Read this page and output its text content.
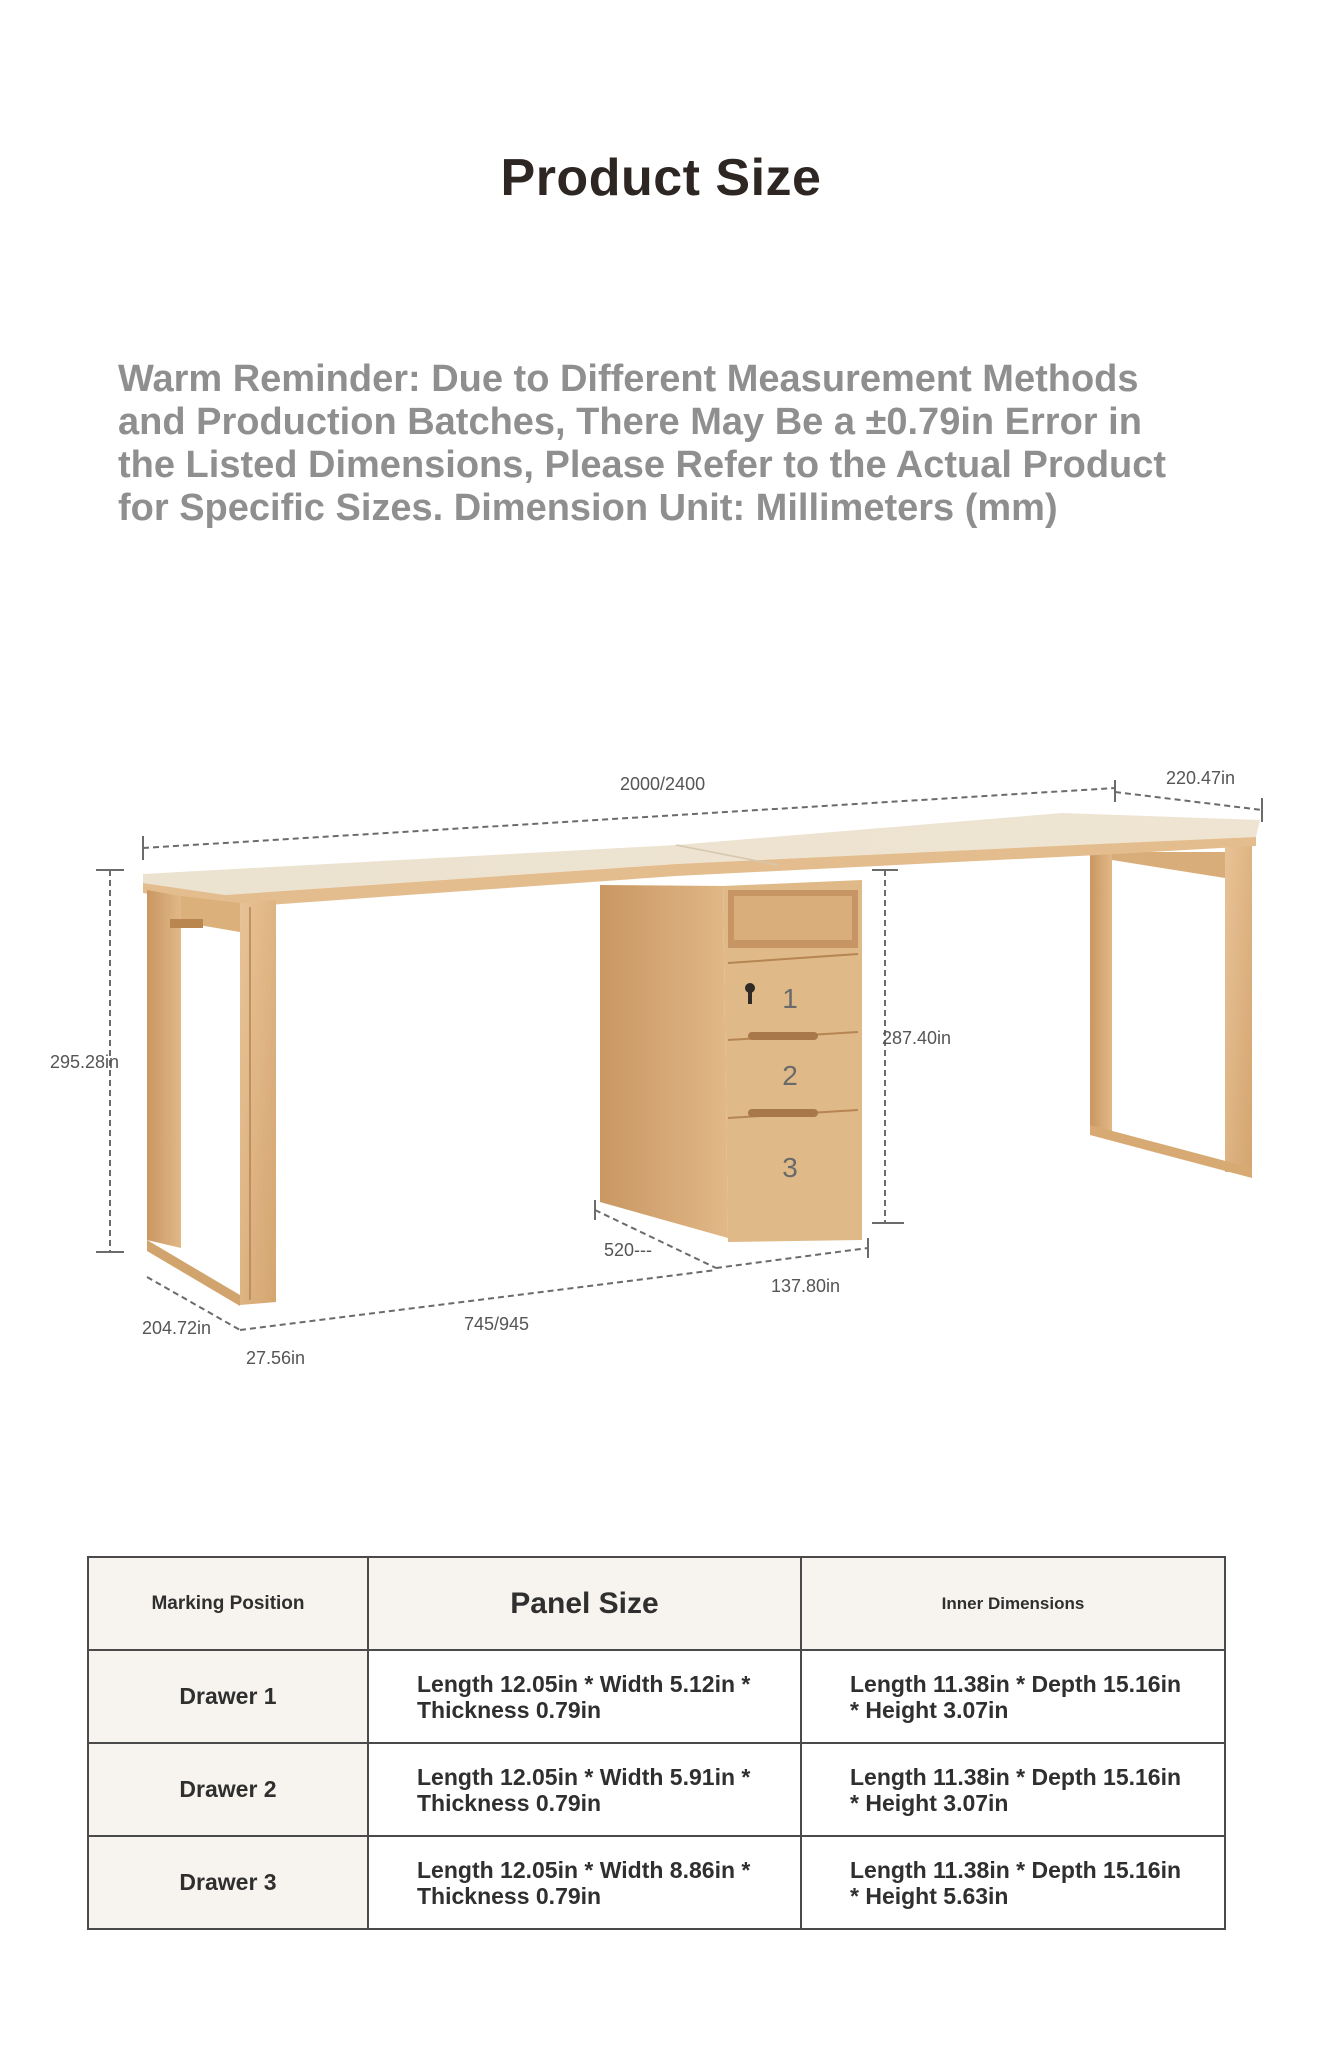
Product Size
Warm Reminder: Due to Different Measurement Methods and Production Batches, There May Be a ±0.79in Error in the Listed Dimensions, Please Refer to the Actual Product for Specific Sizes. Dimension Unit: Millimeters (mm)
1
2
3
2000/2400	220.47in
295.28in
287.40in
520---
137.80in
204.72in
27.56in
745/945
Marking Position	Panel Size	Inner Dimensions
Drawer 1	Length 12.05in * Width 5.12in * Thickness 0.79in	Length 11.38in * Depth 15.16in * Height 3.07in
Drawer 2	Length 12.05in * Width 5.91in * Thickness 0.79in	Length 11.38in * Depth 15.16in * Height 3.07in
Drawer 3	Length 12.05in * Width 8.86in * Thickness 0.79in	Length 11.38in * Depth 15.16in * Height 5.63in
